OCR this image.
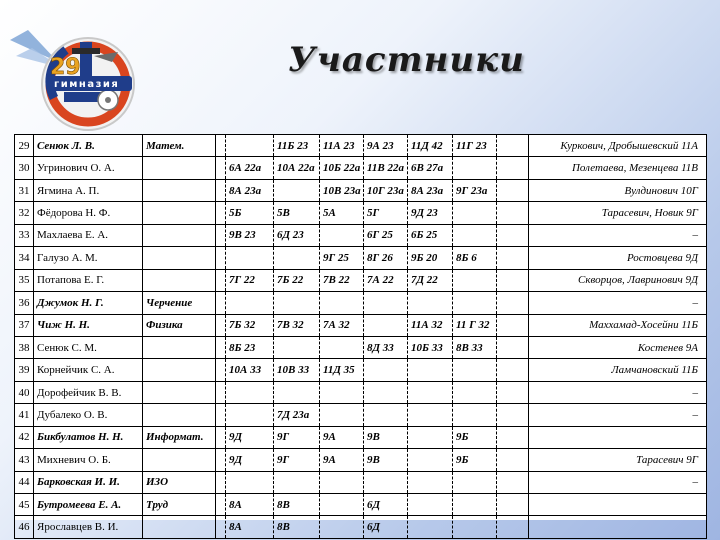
29
гимназия
Участники
29	Сенюк Л. В.	Матем.			11Б 23	11А 23	9А 23	11Д 42	11Г 23		Куркович, Дробышевский 11А
30	Угринович О. А.			6А 22а	10А 22а	10Б 22а	11В 22а	6В 27а			Полетаева, Мезенцева 11В
31	Ягмина А. П.			8А 23а		10В 23а	10Г 23а	8А 23а	9Г 23а		Вулдинович 10Г
32	Фёдорова Н. Ф.			5Б	5В	5А	5Г	9Д 23			Тарасевич, Новик 9Г
33	Махлаева Е. А.			9В 23	6Д 23		6Г 25	6Б 25			–
34	Галузо А. М.					9Г 25	8Г 26	9Б 20	8Б 6		Ростовцева 9Д
35	Потапова Е. Г.			7Г 22	7Б 22	7В 22	7А 22	7Д 22			Скворцов, Лавринович 9Д
36	Джумок Н. Г.	Черчение									–
37	Чиж Н. Н.	Физика		7Б 32	7В 32	7А 32		11А 32	11 Г 32		Маххамад-Хосейни 11Б
38	Сенюк С. М.			8Б 23			8Д 33	10Б 33	8В 33		Костенев 9А
39	Корнейчик С. А.			10А 33	10В 33	11Д 35					Ламчановский 11Б
40	Дорофейчик В. В.										–
41	Дубалеко О. В.				7Д 23а						–
42	Бикбулатов Н. Н.	Информат.		9Д	9Г	9А	9В		9Б		
43	Михневич О. Б.			9Д	9Г	9А	9В		9Б		Тарасевич 9Г
44	Барковская И. И.	ИЗО									–
45	Бутромеева Е. А.	Труд		8А	8В		6Д				
46	Ярославцев В. И.			8А	8В		6Д				
